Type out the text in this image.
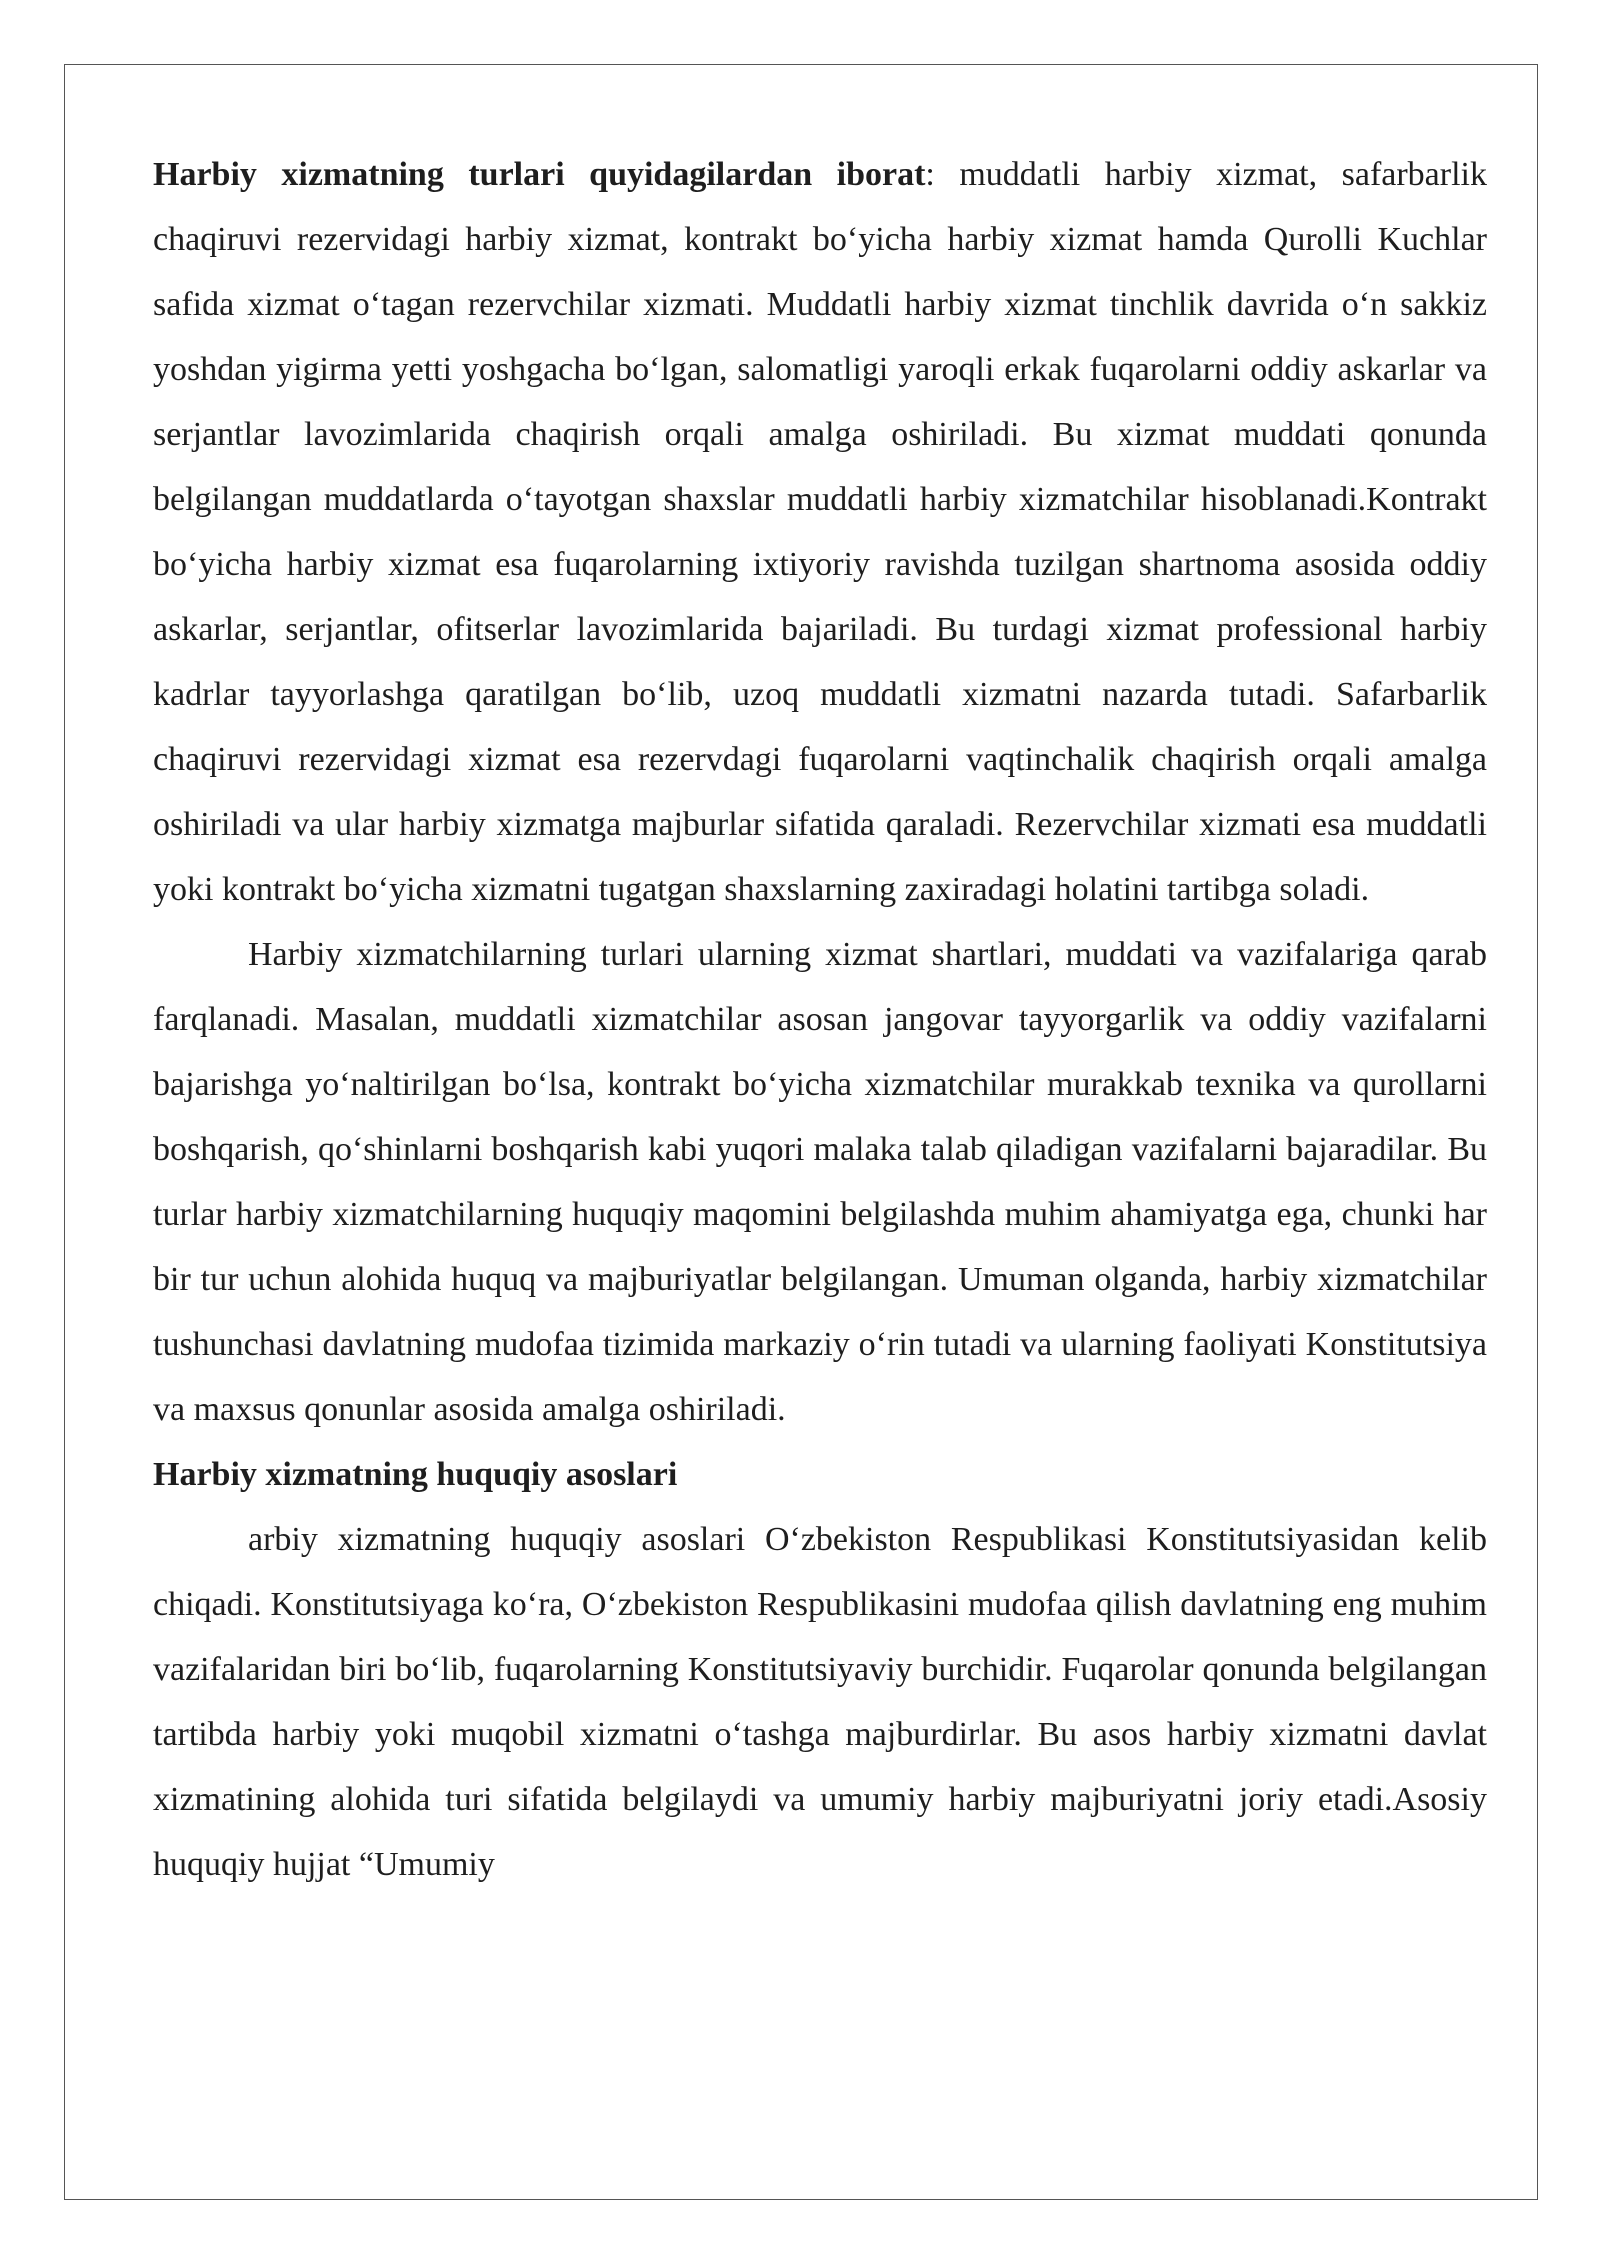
Harbiy xizmatning turlari quyidagilardan iborat: muddatli harbiy xizmat, safarbarlik chaqiruvi rezervidagi harbiy xizmat, kontrakt bo‘yicha harbiy xizmat hamda Qurolli Kuchlar safida xizmat o‘tagan rezervchilar xizmati. Muddatli harbiy xizmat tinchlik davrida o‘n sakkiz yoshdan yigirma yetti yoshgacha bo‘lgan, salomatligi yaroqli erkak fuqarolarni oddiy askarlar va serjantlar lavozimlarida chaqirish orqali amalga oshiriladi. Bu xizmat muddati qonunda belgilangan muddatlarda o‘tayotgan shaxslar muddatli harbiy xizmatchilar hisoblanadi.Kontrakt bo‘yicha harbiy xizmat esa fuqarolarning ixtiyoriy ravishda tuzilgan shartnoma asosida oddiy askarlar, serjantlar, ofitserlar lavozimlarida bajariladi. Bu turdagi xizmat professional harbiy kadrlar tayyorlashga qaratilgan bo‘lib, uzoq muddatli xizmatni nazarda tutadi. Safarbarlik chaqiruvi rezervidagi xizmat esa rezervdagi fuqarolarni vaqtinchalik chaqirish orqali amalga oshiriladi va ular harbiy xizmatga majburlar sifatida qaraladi. Rezervchilar xizmati esa muddatli yoki kontrakt bo‘yicha xizmatni tugatgan shaxslarning zaxiradagi holatini tartibga soladi.

Harbiy xizmatchilarning turlari ularning xizmat shartlari, muddati va vazifalariga qarab farqlanadi. Masalan, muddatli xizmatchilar asosan jangovar tayyorgarlik va oddiy vazifalarni bajarishga yo‘naltirilgan bo‘lsa, kontrakt bo‘yicha xizmatchilar murakkab texnika va qurollarni boshqarish, qo‘shinlarni boshqarish kabi yuqori malaka talab qiladigan vazifalarni bajaradilar. Bu turlar harbiy xizmatchilarning huquqiy maqomini belgilashda muhim ahamiyatga ega, chunki har bir tur uchun alohida huquq va majburiyatlar belgilangan. Umuman olganda, harbiy xizmatchilar tushunchasi davlatning mudofaa tizimida markaziy o‘rin tutadi va ularning faoliyati Konstitutsiya va maxsus qonunlar asosida amalga oshiriladi.

Harbiy xizmatning huquqiy asoslari

arbiy xizmatning huquqiy asoslari O‘zbekiston Respublikasi Konstitutsiyasidan kelib chiqadi. Konstitutsiyaga ko‘ra, O‘zbekiston Respublikasini mudofaa qilish davlatning eng muhim vazifalaridan biri bo‘lib, fuqarolarning Konstitutsiyaviy burchidir. Fuqarolar qonunda belgilangan tartibda harbiy yoki muqobil xizmatni o‘tashga majburdirlar. Bu asos harbiy xizmatni davlat xizmatining alohida turi sifatida belgilaydi va umumiy harbiy majburiyatni joriy etadi.Asosiy huquqiy hujjat “Umumiy
